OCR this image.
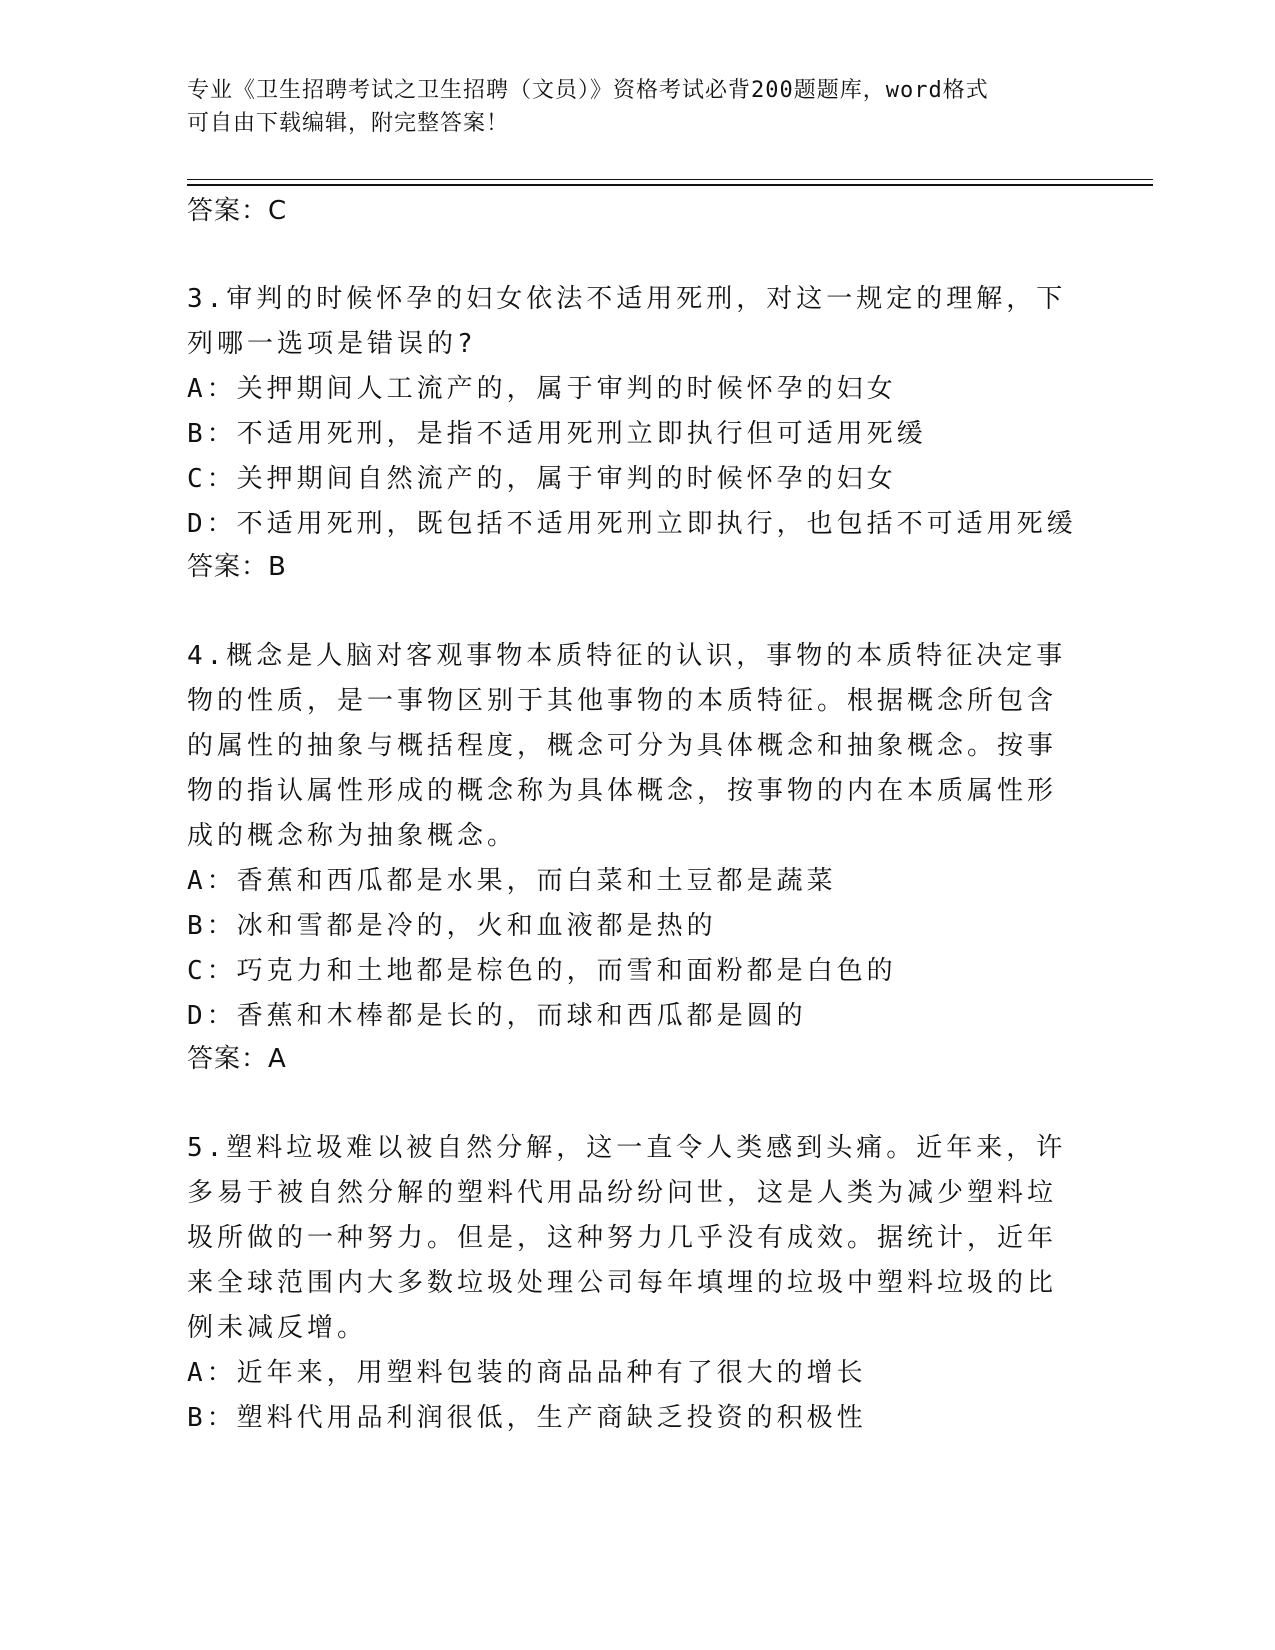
专业《卫生招聘考试之卫生招聘（文员）》资格考试必背200题题库，word格式
可自由下载编辑，附完整答案！

答案：C

3.审判的时候怀孕的妇女依法不适用死刑，对这一规定的理解，下列哪一选项是错误的?

A：关押期间人工流产的，属于审判的时候怀孕的妇女

B：不适用死刑，是指不适用死刑立即执行但可适用死缓

C：关押期间自然流产的，属于审判的时候怀孕的妇女

D：不适用死刑，既包括不适用死刑立即执行，也包括不可适用死缓

答案：B

4.概念是人脑对客观事物本质特征的认识，事物的本质特征决定事物的性质，是一事物区别于其他事物的本质特征。根据概念所包含的属性的抽象与概括程度，概念可分为具体概念和抽象概念。按事物的指认属性形成的概念称为具体概念，按事物的内在本质属性形成的概念称为抽象概念。

A：香蕉和西瓜都是水果，而白菜和土豆都是蔬菜

B：冰和雪都是冷的，火和血液都是热的

C：巧克力和土地都是棕色的，而雪和面粉都是白色的

D：香蕉和木棒都是长的，而球和西瓜都是圆的

答案：A

5.塑料垃圾难以被自然分解，这一直令人类感到头痛。近年来，许多易于被自然分解的塑料代用品纷纷问世，这是人类为减少塑料垃圾所做的一种努力。但是，这种努力几乎没有成效。据统计，近年来全球范围内大多数垃圾处理公司每年填埋的垃圾中塑料垃圾的比例未减反增。

A：近年来，用塑料包装的商品品种有了很大的增长

B：塑料代用品利润很低，生产商缺乏投资的积极性
